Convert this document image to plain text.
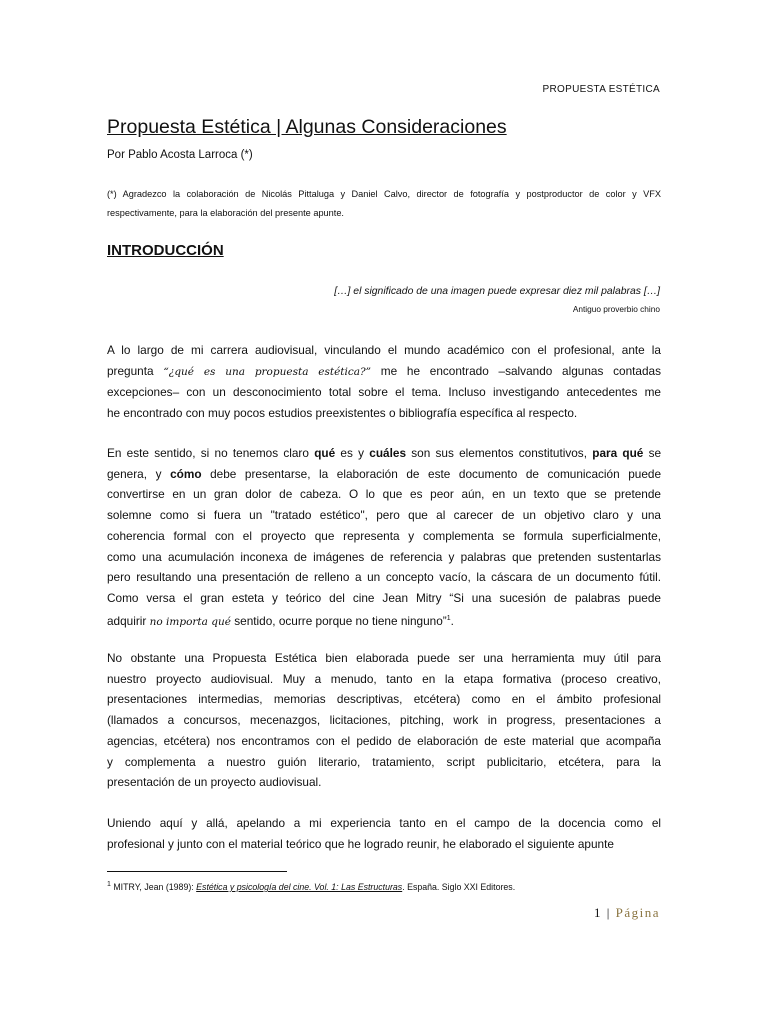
PROPUESTA ESTÉTICA
Propuesta Estética | Algunas Consideraciones
Por Pablo Acosta Larroca (*)
(*) Agradezco la colaboración de Nicolás Pittaluga y Daniel Calvo, director de fotografía y postproductor de color y VFX
respectivamente, para la elaboración del presente apunte.
INTRODUCCIÓN
[…] el significado de una imagen puede expresar diez mil palabras […]
Antiguo proverbio chino
A lo largo de mi carrera audiovisual, vinculando el mundo académico con el profesional, ante la
pregunta “¿qué es una propuesta estética?” me he encontrado –salvando algunas contadas
excepciones– con un desconocimiento total sobre el tema. Incluso investigando antecedentes me
he encontrado con muy pocos estudios preexistentes o bibliografía específica al respecto.
En este sentido, si no tenemos claro qué es y cuáles son sus elementos constitutivos, para qué se
genera, y cómo debe presentarse, la elaboración de este documento de comunicación puede
convertirse en un gran dolor de cabeza. O lo que es peor aún, en un texto que se pretende
solemne como si fuera un "tratado estético", pero que al carecer de un objetivo claro y una
coherencia formal con el proyecto que representa y complementa se formula superficialmente,
como una acumulación inconexa de imágenes de referencia y palabras que pretenden sustentarlas
pero resultando una presentación de relleno a un concepto vacío, la cáscara de un documento fútil.
Como versa el gran esteta y teórico del cine Jean Mitry “Si una sucesión de palabras puede
adquirir no importa qué sentido, ocurre porque no tiene ninguno”$^1$.
No obstante una Propuesta Estética bien elaborada puede ser una herramienta muy útil para
nuestro proyecto audiovisual. Muy a menudo, tanto en la etapa formativa (proceso creativo,
presentaciones intermedias, memorias descriptivas, etcétera) como en el ámbito profesional
(llamados a concursos, mecenazgos, licitaciones, pitching, work in progress, presentaciones a
agencias, etcétera) nos encontramos con el pedido de elaboración de este material que acompaña
y complementa a nuestro guión literario, tratamiento, script publicitario, etcétera, para la
presentación de un proyecto audiovisual.
Uniendo aquí y allá, apelando a mi experiencia tanto en el campo de la docencia como el
profesional y junto con el material teórico que he logrado reunir, he elaborado el siguiente apunte
$^1$ MITRY, Jean (1989): Estética y psicología del cine. Vol. 1: Las Estructuras. España. Siglo XXI Editores.
1 | Página
